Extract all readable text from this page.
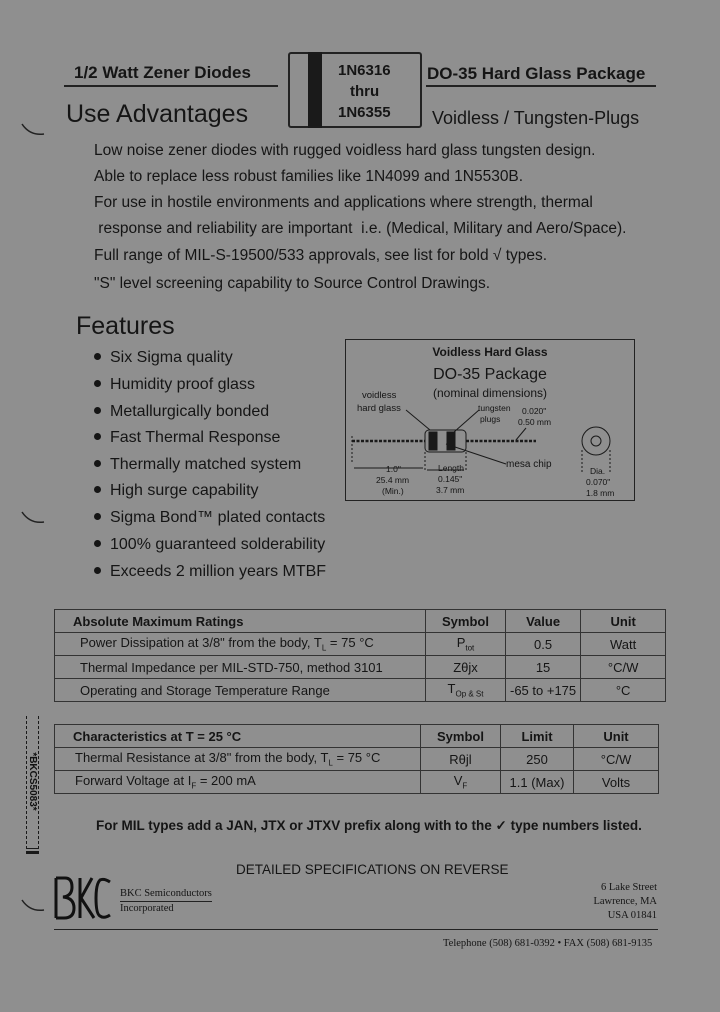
1/2 Watt Zener Diodes	1N6316
thru
1N6355
DO-35 Hard Glass Package
Voidless / Tungsten-Plugs
Use Advantages
Low noise zener diodes with rugged voidless hard glass tungsten design.
Able to replace less robust families like 1N4099 and 1N5530B.
For use in hostile environments and applications where strength, thermal
response and reliability are important  i.e. (Medical, Military and Aero/Space).
Full range of MIL-S-19500/533 approvals, see list for bold √ types.
"S" level screening capability to Source Control Drawings.
Features
Six Sigma quality
Humidity proof glass
Metallurgically bonded
Fast Thermal Response
Thermally matched system
High surge capability
Sigma Bond™ plated contacts
100% guaranteed solderability
Exceeds 2 million years MTBF
Voidless Hard Glass
DO-35 Package
(nominal dimensions)
voidless
hard glass	tungsten
plugs
0.020"
0.50 mm
1.0"
25.4 mm
(Min.)
Length
0.145"
3.7 mm
mesa chip
Dia.
0.070"
1.8 mm
Absolute Maximum Ratings	Symbol	Value	Unit
Power Dissipation at 3/8" from the body, $T_L = 75$ °C	$P_{tot}$	0.5	Watt
Thermal Impedance per MIL-STD-750, method 3101	Zθjx	15	°C/W
Operating and Storage Temperature Range	$T_{Op \& St}$	-65 to +175	°C
Characteristics at T = 25 °C	Symbol	Limit	Unit
Thermal Resistance at 3/8" from the body, $T_L = 75$ °C	Rθjl	250	°C/W
Forward Voltage at $I_F = 200$ mA	$V_F$	1.1 (Max)	Volts
For MIL types add a JAN, JTX or JTXV prefix along with to the ✓ type numbers listed.
DETAILED SPECIFICATIONS ON REVERSE
*BKCS5083*
BKC Semiconductors
Incorporated
6 Lake Street
Lawrence, MA
USA 01841
Telephone (508) 681-0392 • FAX (508) 681-9135
